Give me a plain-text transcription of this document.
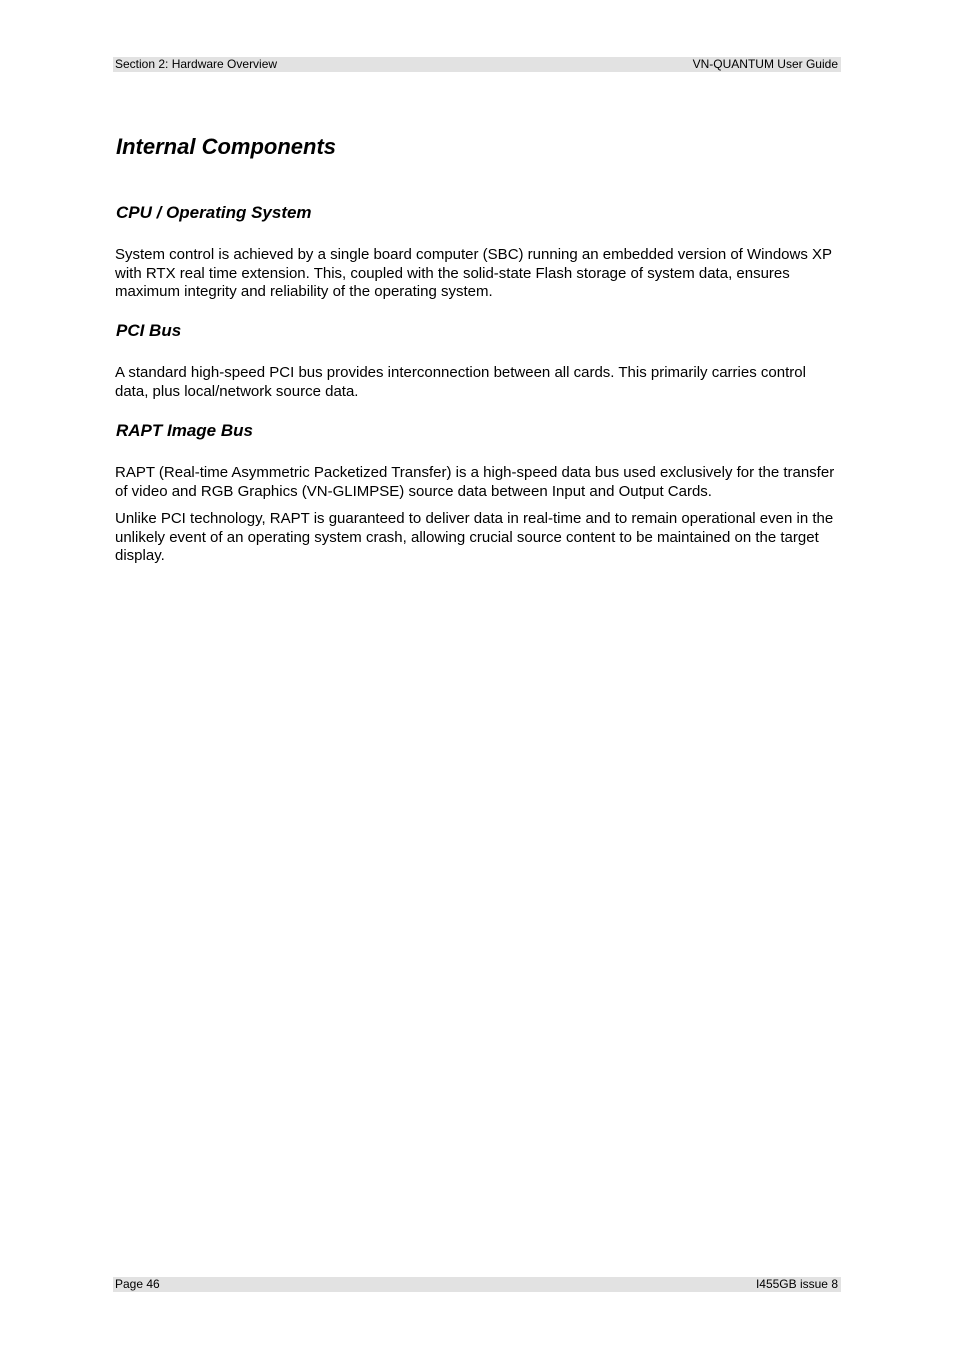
Section 2: Hardware Overview	VN-QUANTUM User Guide
Internal Components
CPU / Operating System

System control is achieved by a single board computer (SBC) running an embedded version of Windows XP with RTX real time extension. This, coupled with the solid-state Flash storage of system data, ensures maximum integrity and reliability of the operating system.

PCI Bus

A standard high-speed PCI bus provides interconnection between all cards. This primarily carries control data, plus local/network source data.

RAPT Image Bus

RAPT (Real-time Asymmetric Packetized Transfer) is a high-speed data bus used exclusively for the transfer of video and RGB Graphics (VN-GLIMPSE) source data between Input and Output Cards.

Unlike PCI technology, RAPT is guaranteed to deliver data in real-time and to remain operational even in the unlikely event of an operating system crash, allowing crucial source content to be maintained on the target display.

Page 46	I455GB issue 8
